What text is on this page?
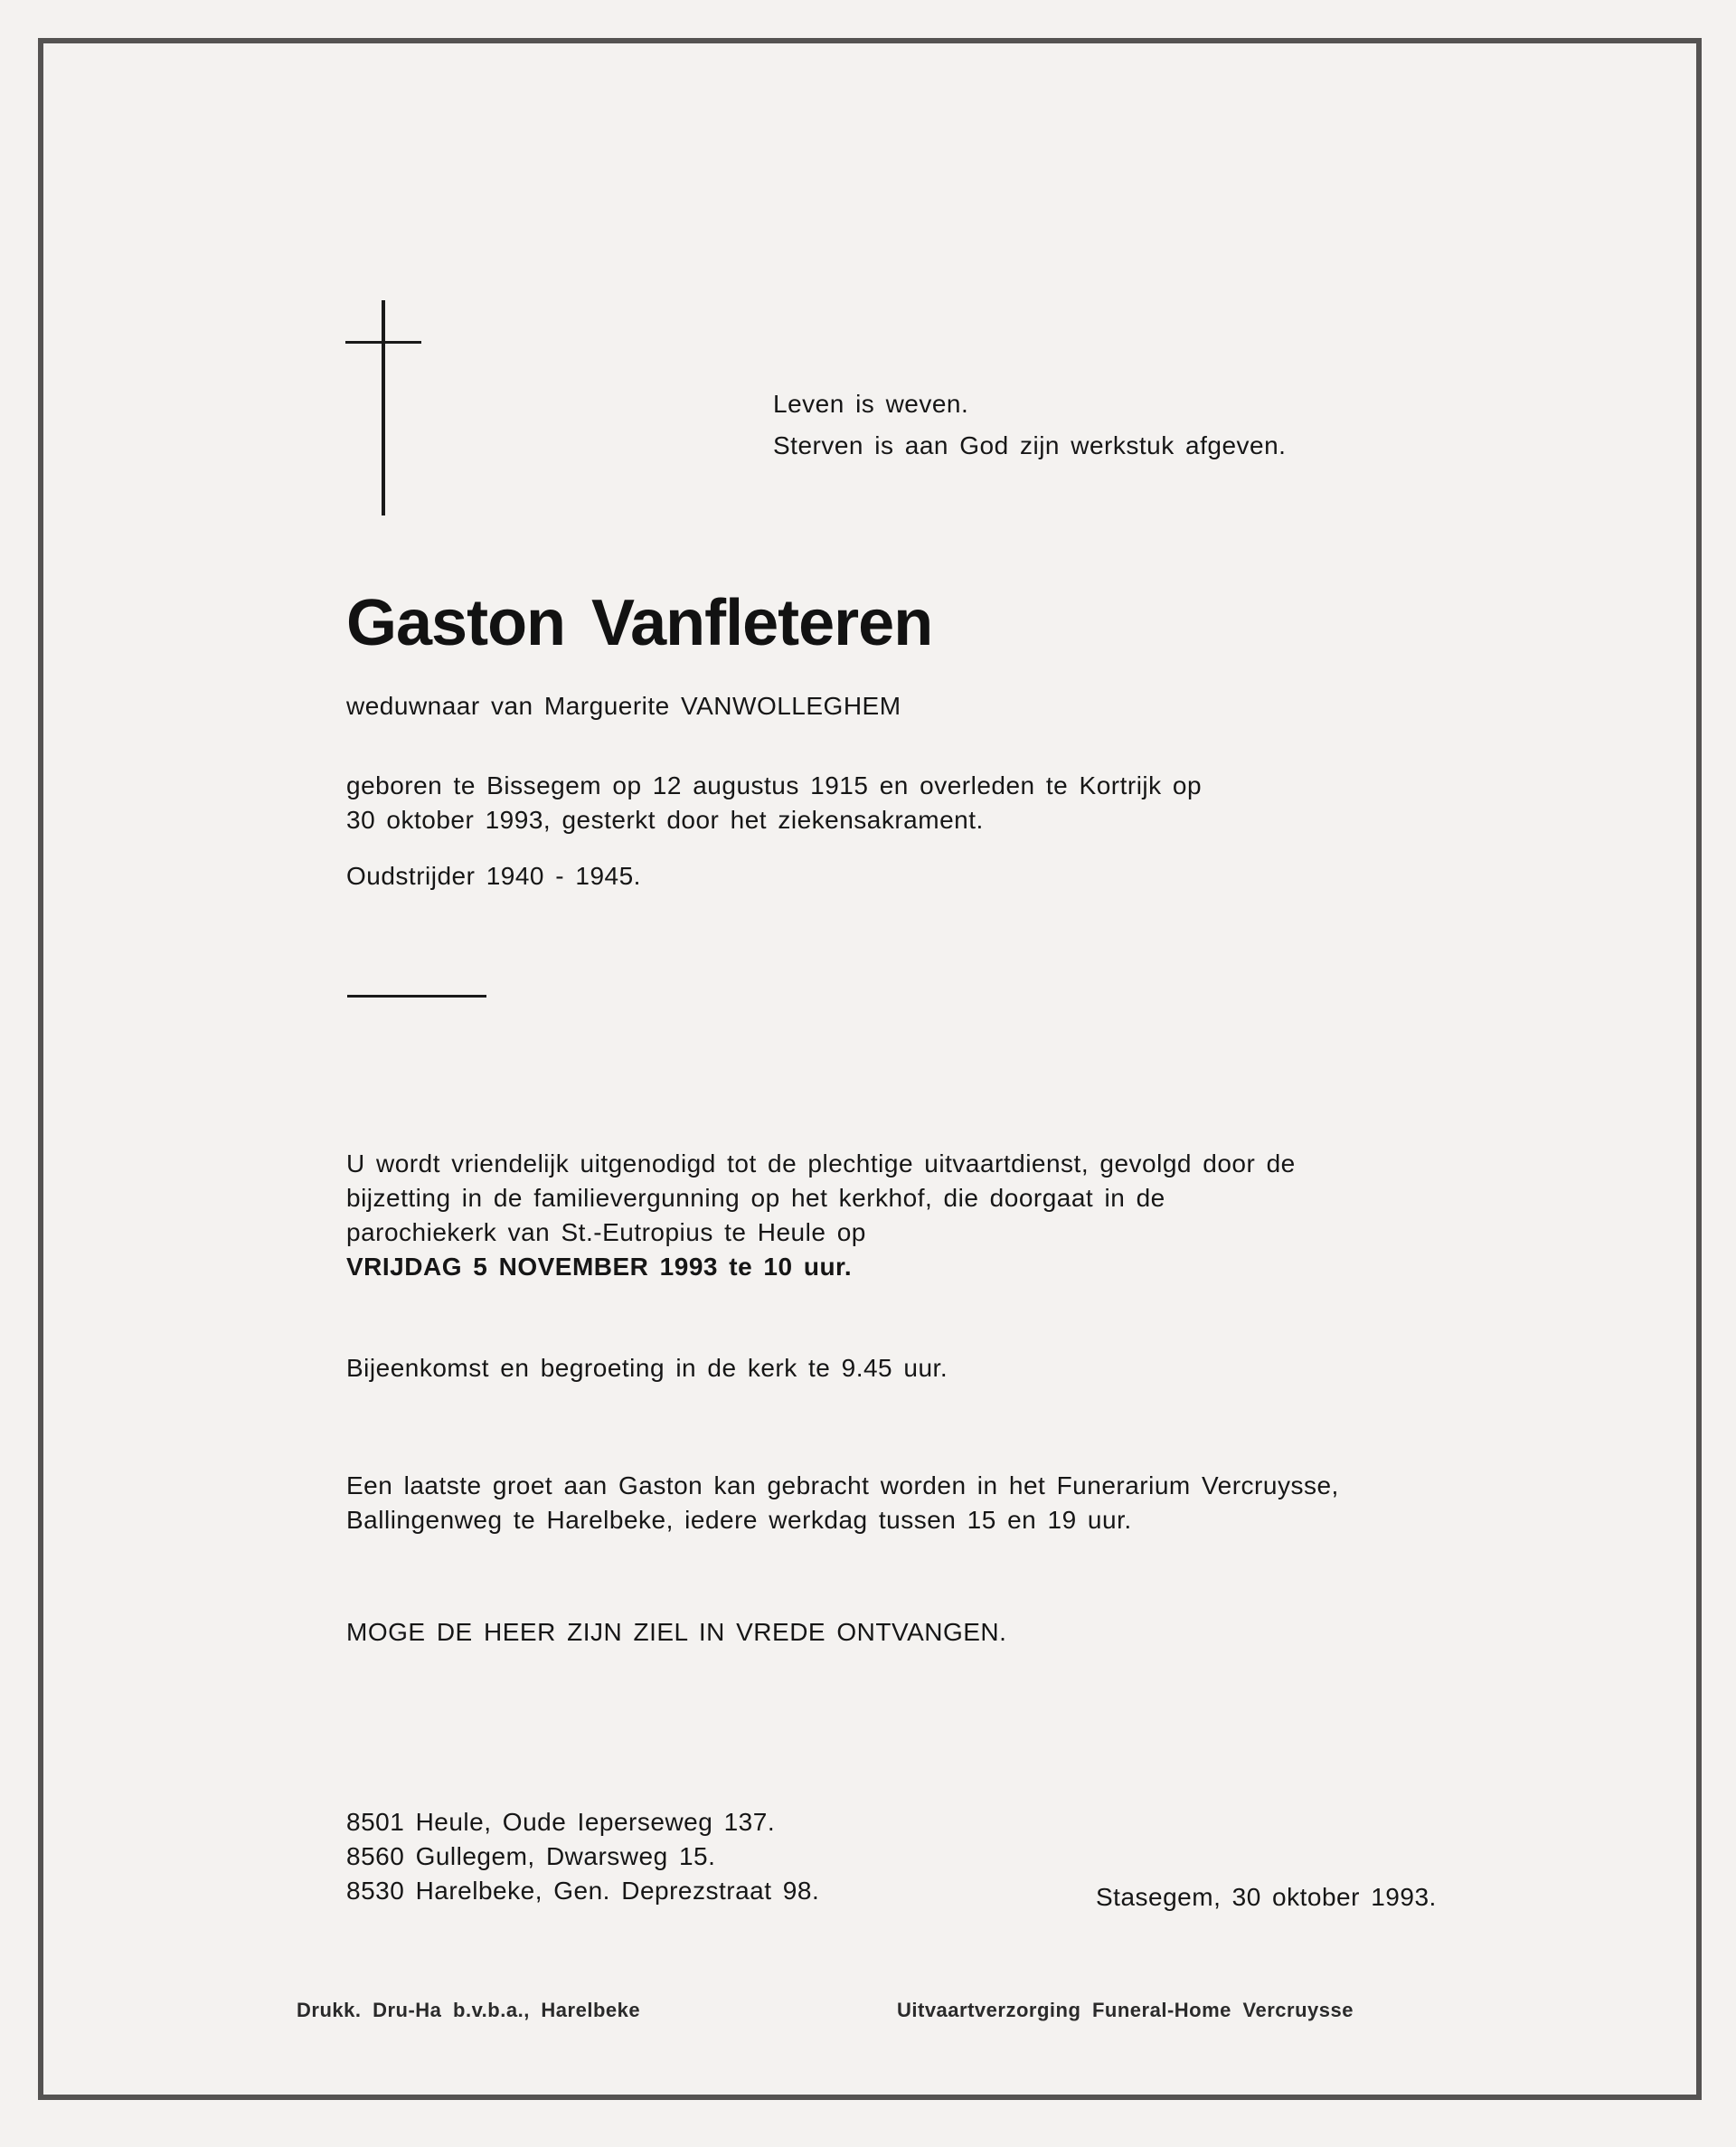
Leven is weven.
Sterven is aan God zijn werkstuk afgeven.
Gaston Vanfleteren
weduwnaar van Marguerite VANWOLLEGHEM
geboren te Bissegem op 12 augustus 1915 en overleden te Kortrijk op
30 oktober 1993, gesterkt door het ziekensakrament.
Oudstrijder 1940 - 1945.
U wordt vriendelijk uitgenodigd tot de plechtige uitvaartdienst, gevolgd door de
bijzetting in de familievergunning op het kerkhof, die doorgaat in de
parochiekerk van St.-Eutropius te Heule op
VRIJDAG 5 NOVEMBER 1993 te 10 uur.
Bijeenkomst en begroeting in de kerk te 9.45 uur.
Een laatste groet aan Gaston kan gebracht worden in het Funerarium Vercruysse,
Ballingenweg te Harelbeke, iedere werkdag tussen 15 en 19 uur.
MOGE DE HEER ZIJN ZIEL IN VREDE ONTVANGEN.
8501 Heule, Oude Ieperseweg 137.
8560 Gullegem, Dwarsweg 15.
8530 Harelbeke, Gen. Deprezstraat 98.	Stasegem, 30 oktober 1993.
Drukk. Dru-Ha b.v.b.a., Harelbeke	Uitvaartverzorging Funeral-Home Vercruysse
